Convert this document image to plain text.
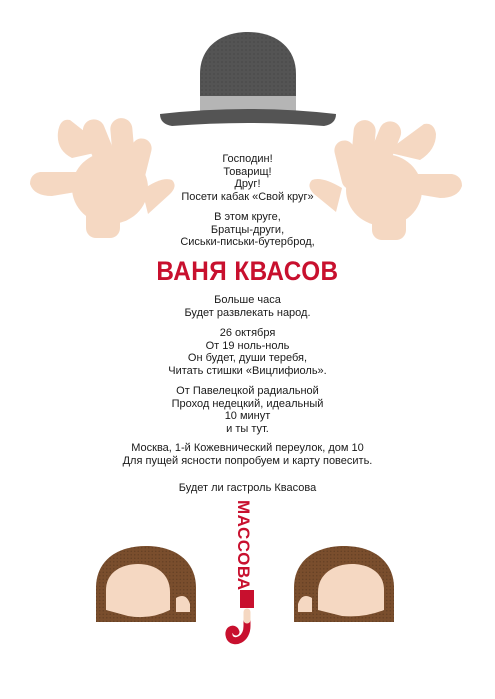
Господин!
Товарищ!
Друг!
Посети кабак «Свой круг»
В этом круге,
Братцы-други,
Сиськи-письки-бутерброд,
ВАНЯ КВАСОВ
Больше часа
Будет развлекать народ.
26 октября
От 19 ноль-ноль
Он будет, души теребя,
Читать стишки «Вицлифиоль».
От Павелецкой радиальной
Проход недецкий, идеальный
10 минут
и ты тут.
Москва, 1-й Кожевнический переулок, дом 10
Для пущей ясности попробуем и карту повесить.
Будет ли гастроль Квасова
МАССОВА
